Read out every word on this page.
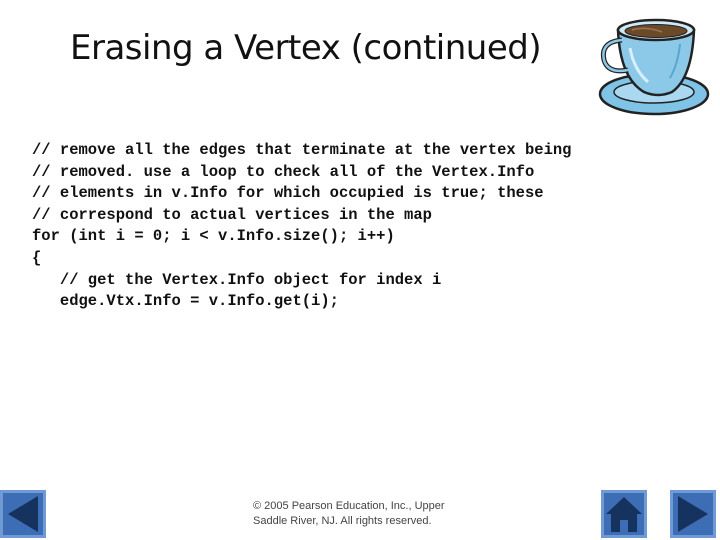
Erasing a Vertex (continued)
// remove all the edges that terminate at the vertex being
// removed. use a loop to check all of the Vertex.Info
// elements in v.Info for which occupied is true; these
// correspond to actual vertices in the map
for (int i = 0; i < v.Info.size(); i++)
{
// get the Vertex.Info object for index i
edge.Vtx.Info = v.Info.get(i);
© 2005 Pearson Education, Inc., Upper
Saddle River, NJ. All rights reserved.
